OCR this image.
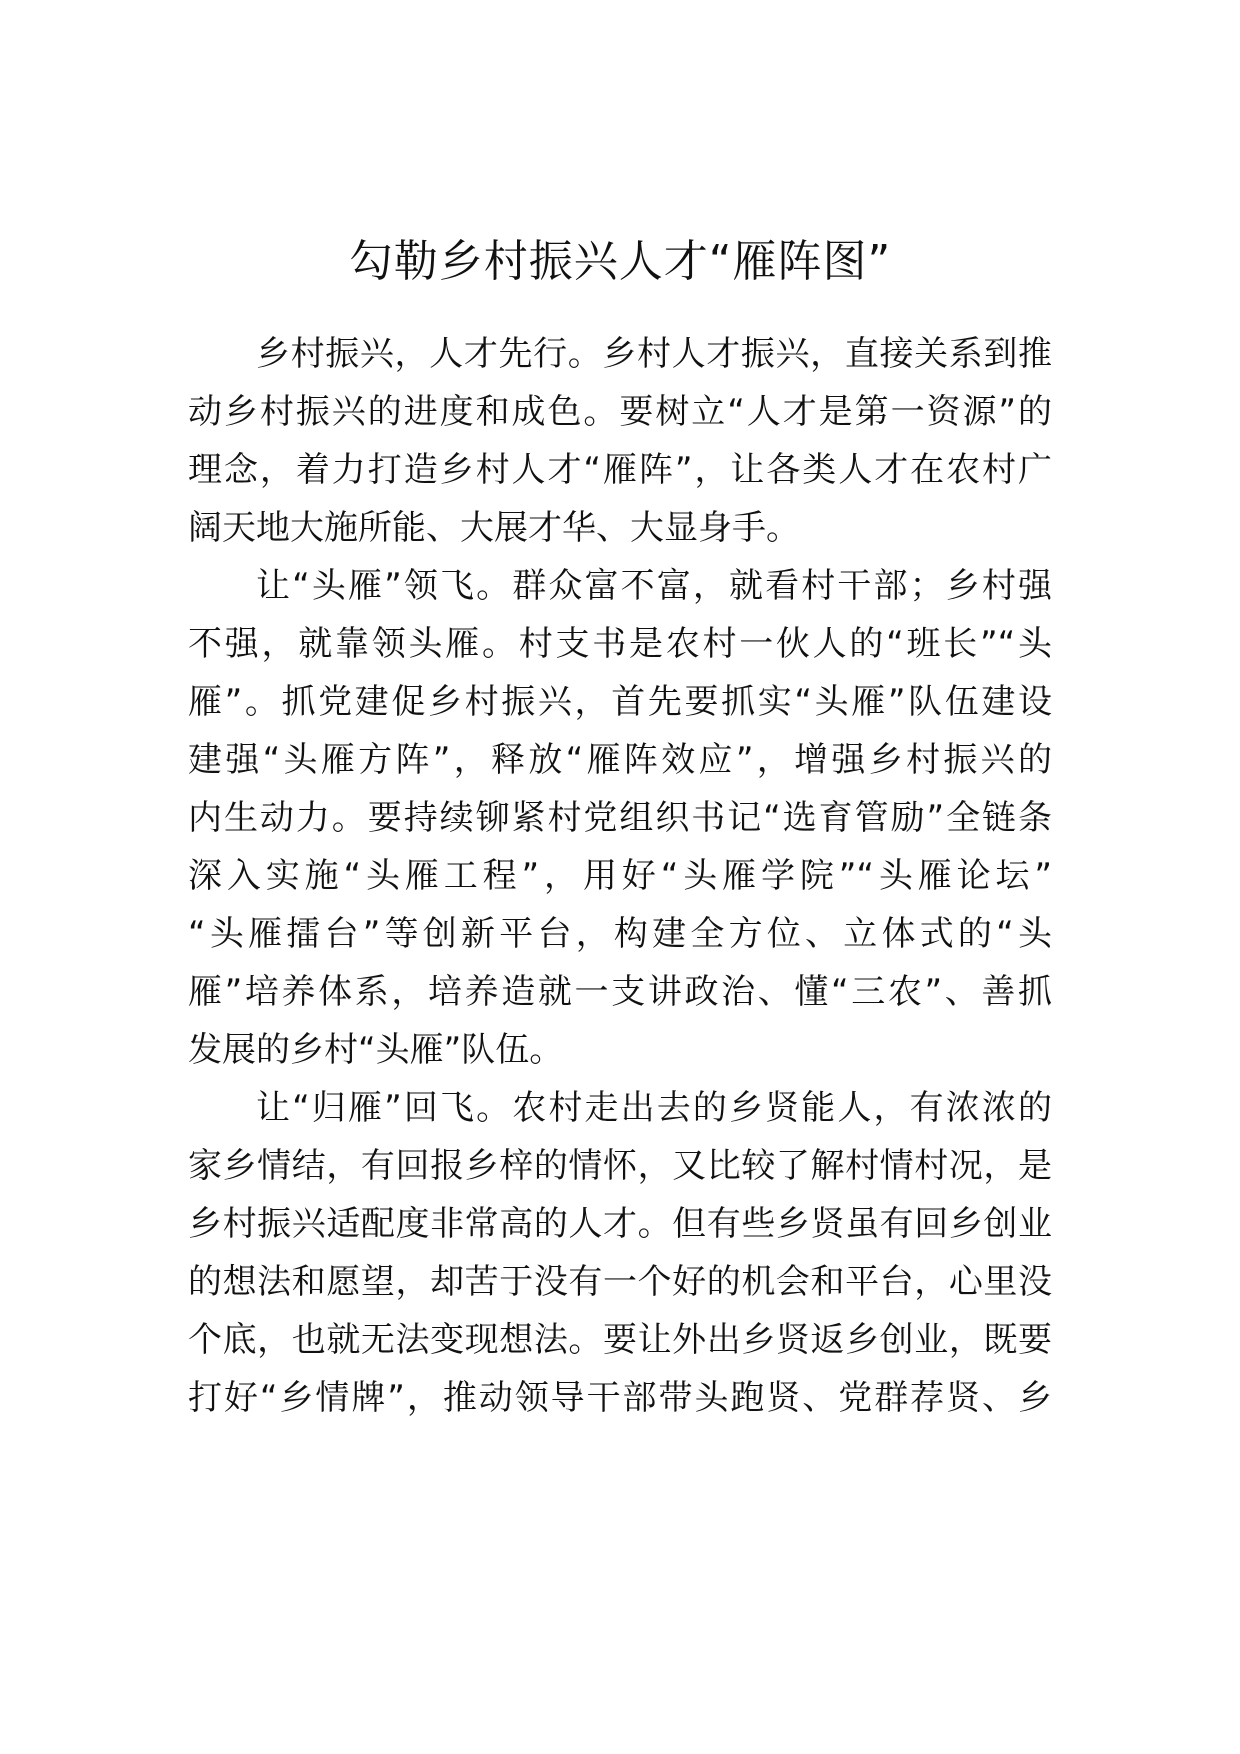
勾勒乡村振兴人才“雁阵图”
乡村振兴，人才先行。乡村人才振兴，直接关系到推
动乡村振兴的进度和成色。要树立“人才是第一资源”的
理念，着力打造乡村人才“雁阵”，让各类人才在农村广
阔天地大施所能、大展才华、大显身手。
让“头雁”领飞。群众富不富，就看村干部；乡村强
不强，就靠领头雁。村支书是农村一伙人的“班长”“头
雁”。抓党建促乡村振兴，首先要抓实“头雁”队伍建设
建强“头雁方阵”，释放“雁阵效应”，增强乡村振兴的
内生动力。要持续铆紧村党组织书记“选育管励”全链条
深入实施“头雁工程”，用好“头雁学院”“头雁论坛”
“头雁擂台”等创新平台，构建全方位、立体式的“头
雁”培养体系，培养造就一支讲政治、懂“三农”、善抓
发展的乡村“头雁”队伍。
让“归雁”回飞。农村走出去的乡贤能人，有浓浓的
家乡情结，有回报乡梓的情怀，又比较了解村情村况，是
乡村振兴适配度非常高的人才。但有些乡贤虽有回乡创业
的想法和愿望，却苦于没有一个好的机会和平台，心里没
个底，也就无法变现想法。要让外出乡贤返乡创业，既要
打好“乡情牌”，推动领导干部带头跑贤、党群荐贤、乡
